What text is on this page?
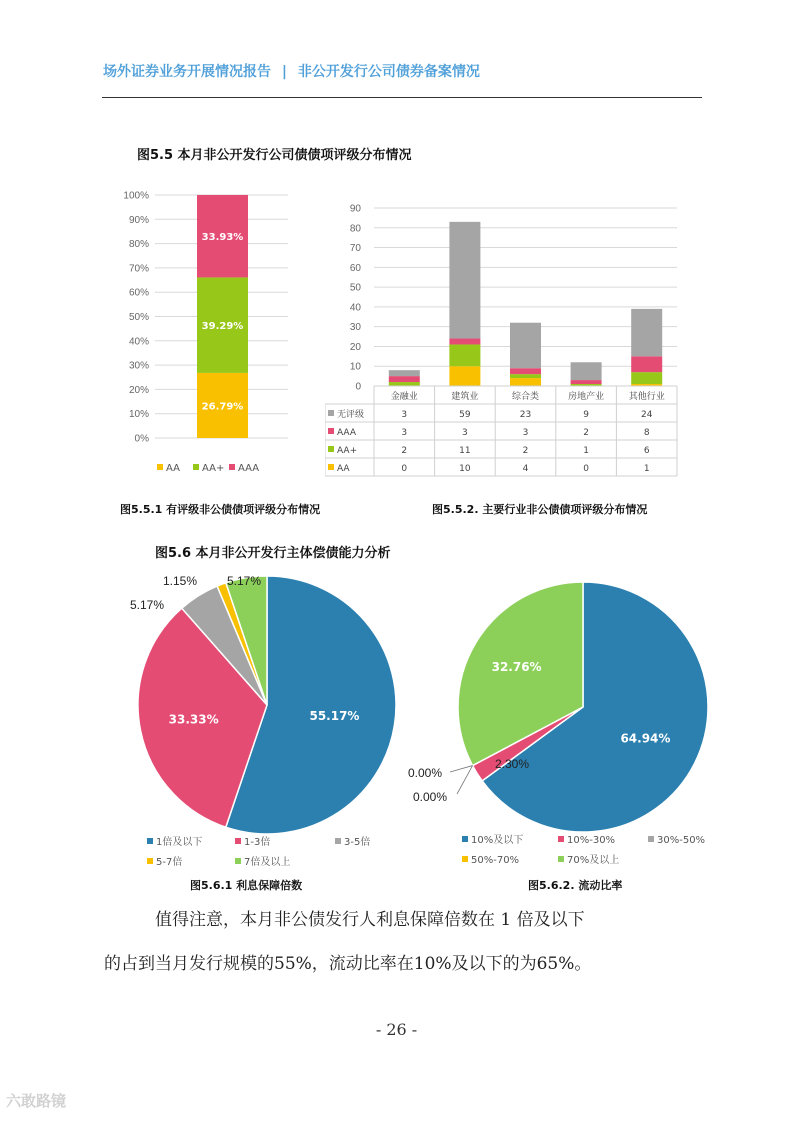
场外证券业务开展情况报告 | 非公开发行公司债券备案情况
图5.5 本月非公开发行公司债债项评级分布情况
0%
10%
20%
30%
40%
50%
60%
70%
80%
90%
100%
26.79%
39.29%
33.93%
AA AA+ AAA
0
10
20
30
40
50
60
70
80
90
金融业	建筑业	综合类	房地产业	其他行业
无评级	3	59	23	9	24
AAA	3	3	3	2	8
AA+	2	11	2	1	6
AA	0	10	4	0	1
图5.5.1 有评级非公债债项评级分布情况	图5.5.2. 主要行业非公债债项评级分布情况
图5.6 本月非公开发行主体偿债能力分析
55.17%
33.33%
5.17%
1.15% 5.17%
1倍及以下	1-3倍	3-5倍
5-7倍	7倍及以上
64.94%
2.30%
0.00%
0.00%
32.76%
10%及以下	10%-30%	30%-50%
50%-70%	70%及以上
图5.6.1 利息保障倍数	图5.6.2. 流动比率

值得注意，本月非公债发行人利息保障倍数在 1 倍及以下

的占到当月发行规模的55%，流动比率在10%及以下的为65%。

- 26 -
六敢路镜
